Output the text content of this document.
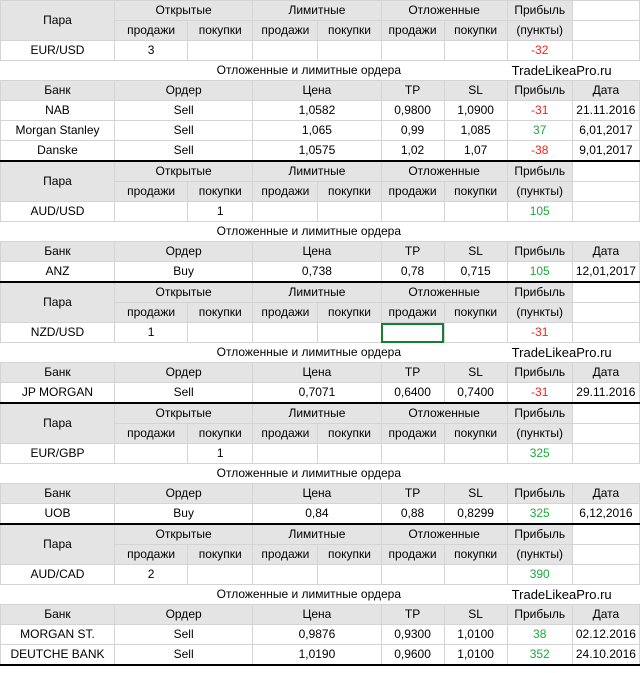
Пара	Открытые		Лимитные		Отложенные		Прибыль	
	продажи	покупки	продажи	покупки	продажи	покупки	(пункты)	
EUR/USD	3						-32	
Отложенные и лимитные ордера							TradeLikeaPro.ru	
Банк	Ордер		Цена		TP	SL	Прибыль	Дата
NAB	Sell		1,0582		0,9800	1,0900	-31	21.11.2016
Morgan Stanley	Sell		1,065		0,99	1,085	37	6,01,2017
Danske	Sell		1,0575		1,02	1,07	-38	9,01,2017
Пара	Открытые		Лимитные		Отложенные		Прибыль	
	продажи	покупки	продажи	покупки	продажи	покупки	(пункты)	
AUD/USD		1					105	
Отложенные и лимитные ордера								
Банк	Ордер		Цена		TP	SL	Прибыль	Дата
ANZ	Buy		0,738		0,78	0,715	105	12,01,2017
Пара	Открытые		Лимитные		Отложенные		Прибыль	
	продажи	покупки	продажи	покупки	продажи	покупки	(пункты)	
NZD/USD	1						-31	
Отложенные и лимитные ордера							TradeLikeaPro.ru	
Банк	Ордер		Цена		TP	SL	Прибыль	Дата
JP MORGAN	Sell		0,7071		0,6400	0,7400	-31	29.11.2016
Пара	Открытые		Лимитные		Отложенные		Прибыль	
	продажи	покупки	продажи	покупки	продажи	покупки	(пункты)	
EUR/GBP		1					325	
Отложенные и лимитные ордера								
Банк	Ордер		Цена		TP	SL	Прибыль	Дата
UOB	Buy		0,84		0,88	0,8299	325	6,12,2016
Пара	Открытые		Лимитные		Отложенные		Прибыль	
	продажи	покупки	продажи	покупки	продажи	покупки	(пункты)	
AUD/CAD	2						390	
Отложенные и лимитные ордера							TradeLikeaPro.ru	
Банк	Ордер		Цена		TP	SL	Прибыль	Дата
MORGAN ST.	Sell		0,9876		0,9300	1,0100	38	02.12.2016
DEUTCHE BANK	Sell		1,0190		0,9600	1,0100	352	24.10.2016
